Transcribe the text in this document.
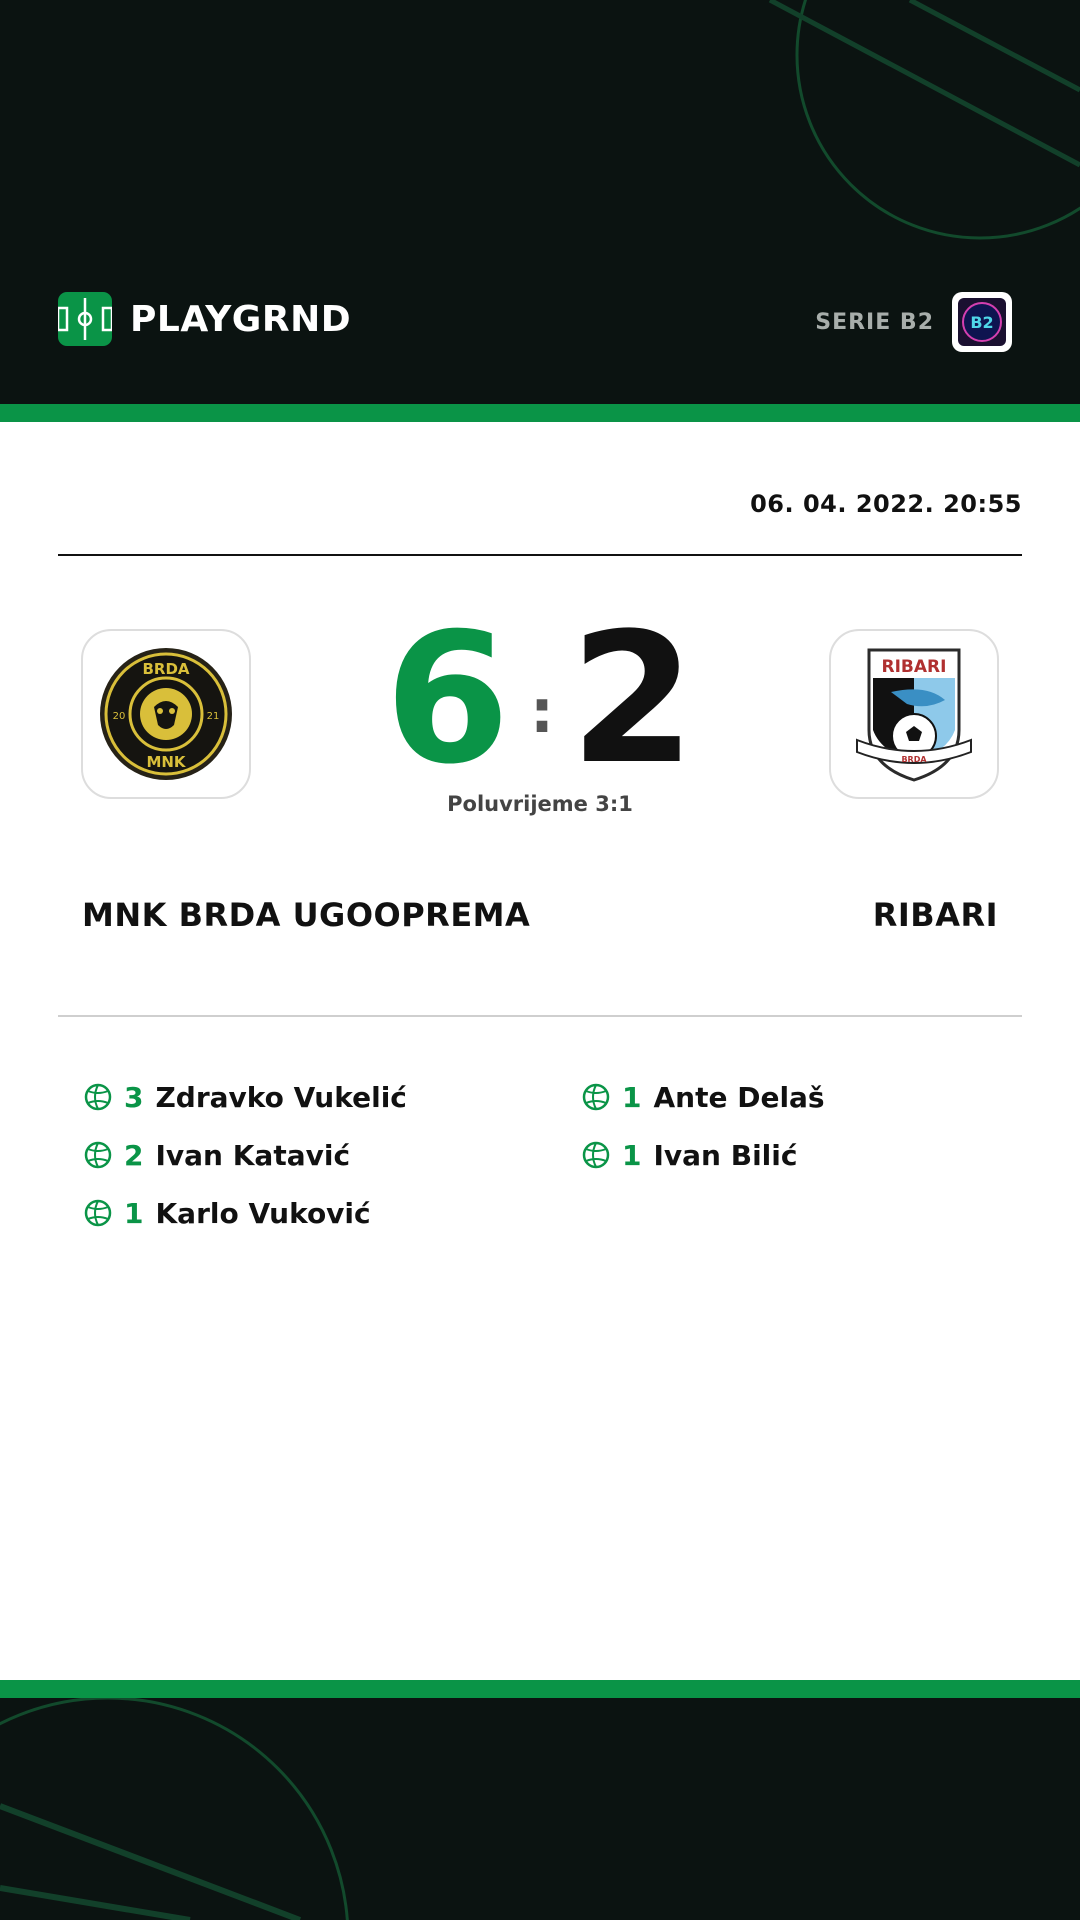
PLAYGRND	SERIE B2 B2
06. 04. 2022. 20:55
BRDA
MNK
20	21
RIBARI
BRDA
6 : 2
Poluvrijeme 3:1
MNK BRDA UGOOPREMA	RIBARI
3 Zdravko Vukelić
2 Ivan Katavić
1 Karlo Vuković
1 Ante Delaš
1 Ivan Bilić
